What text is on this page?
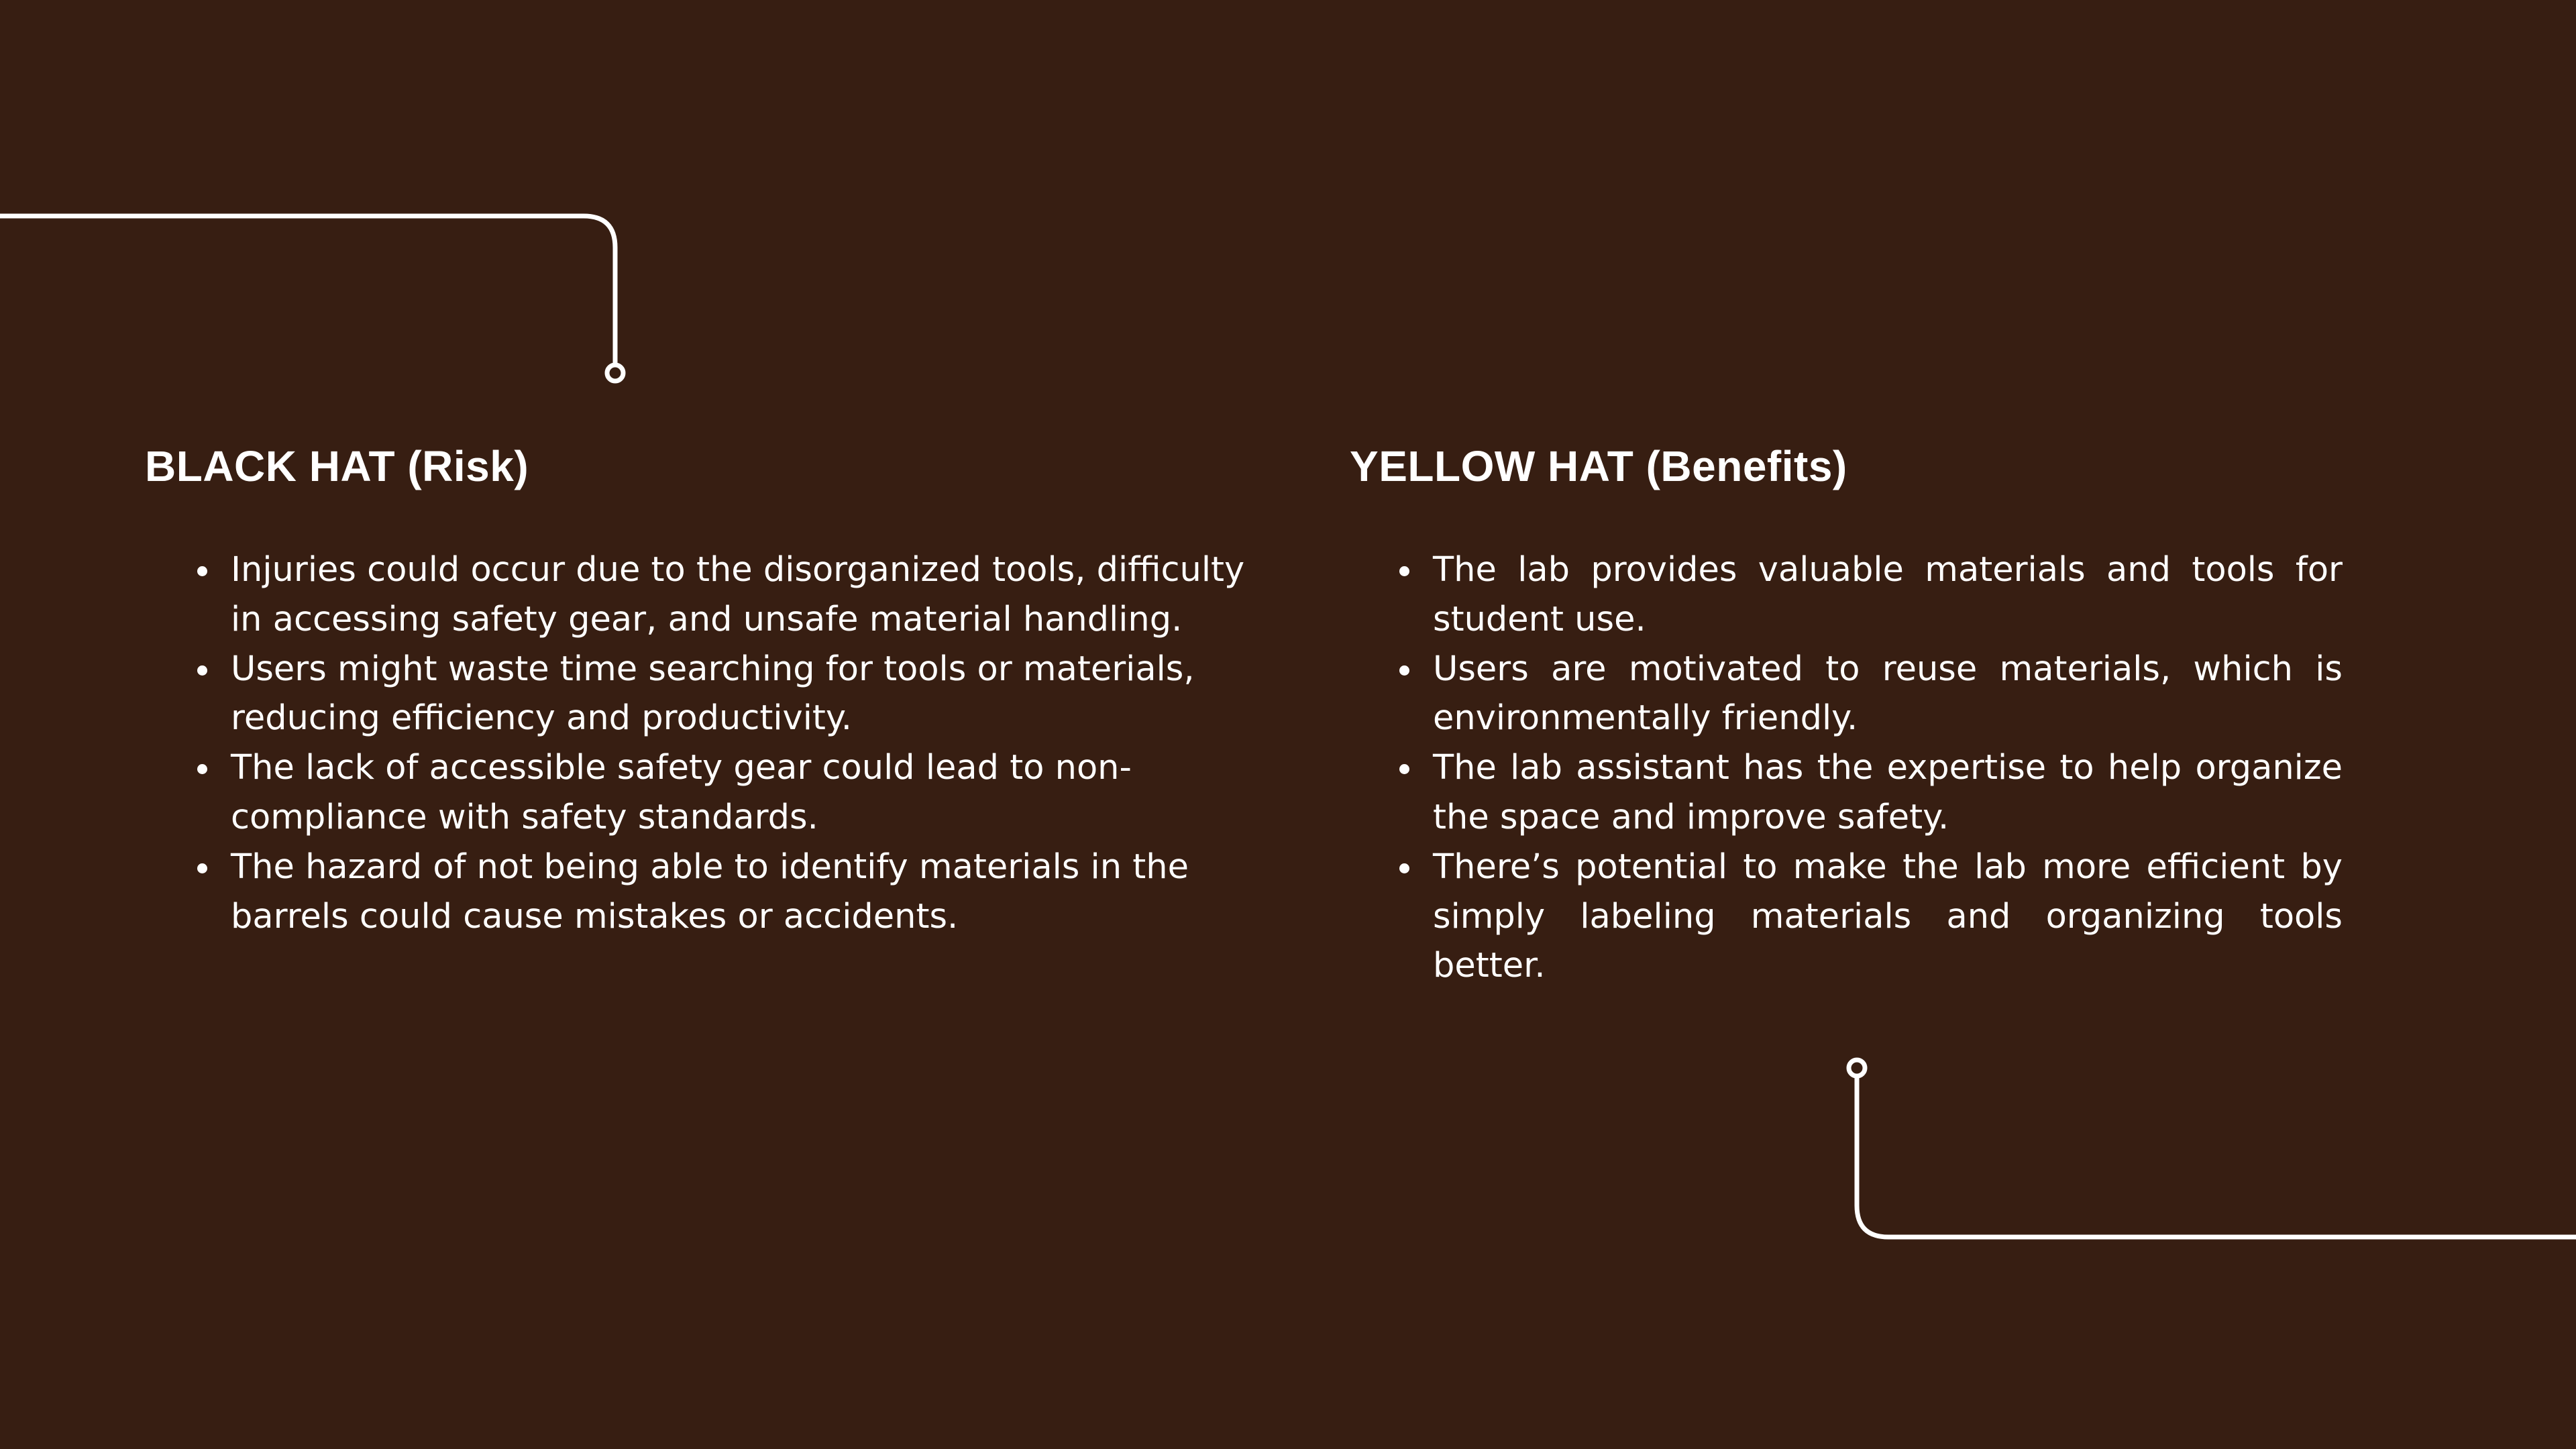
BLACK HAT (Risk)
Injuries could occur due to the disorganized tools, difficulty in accessing safety gear, and unsafe material handling.
Users might waste time searching for tools or materials, reducing efficiency and productivity.
The lack of accessible safety gear could lead to non-compliance with safety standards.
The hazard of not being able to identify materials in the barrels could cause mistakes or accidents.
YELLOW HAT (Benefits)
The lab provides valuable materials and tools for student use.
Users are motivated to reuse materials, which is environmentally friendly.
The lab assistant has the expertise to help organize the space and improve safety.
There’s potential to make the lab more efficient by simply labeling materials and organizing tools better.
